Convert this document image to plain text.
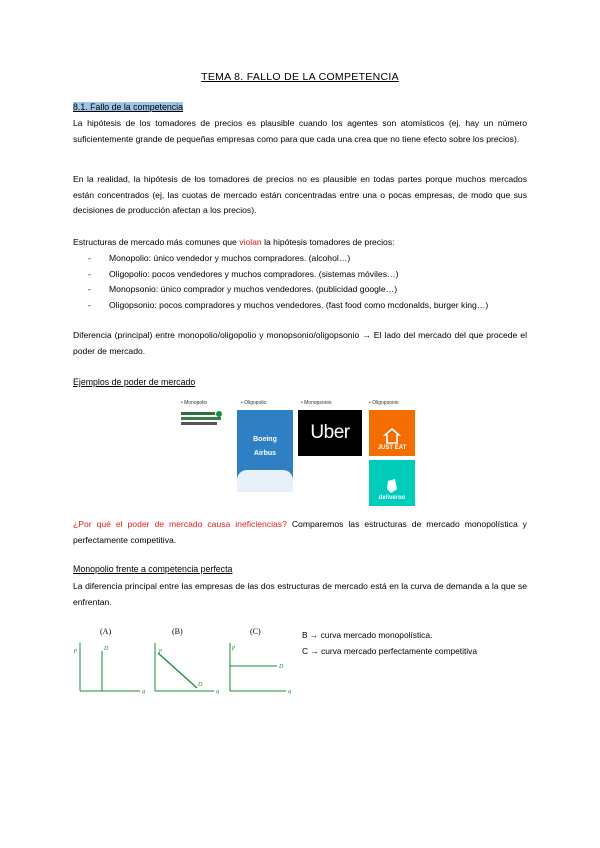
TEMA 8. FALLO DE LA COMPETENCIA
8.1. Fallo de la competencia
La hipótesis de los tomadores de precios es plausible cuando los agentes son atomísticos (ej. hay un número suficientemente grande de pequeñas empresas como para que cada una crea que no tiene efecto sobre los precios).
En la realidad, la hipótesis de los tomadores de precios no es plausible en todas partes porque muchos mercados están concentrados (ej. las cuotas de mercado están concentradas entre una o pocas empresas, de modo que sus decisiones de producción afectan a los precios).
Estructuras de mercado más comunes que violan la hipótesis tomadores de precios:
- Monopolio: único vendedor y muchos compradores. (alcohol…)
- Oligopolio: pocos vendedores y muchos compradores. (sistemas móviles…)
- Monopsonio: único comprador y muchos vendedores. (publicidad google…)
- Oligopsonio: pocos compradores y muchos vendedores. (fast food como mcdonalds, burger king…)
Diferencia (principal) entre monopolio/oligopolio y monopsonio/oligopsonio → El lado del mercado del que procede el poder de mercado.
Ejemplos de poder de mercado
• Monopolio	• Oligopolio	• Monopsonio	• Oligopsonio
Boeing
Airbus
Uber
JUST EAT
deliveroo
¿Por qué el poder de mercado causa ineficiencias? Comparemos las estructuras de mercado monopolística y perfectamente competitiva.
Monopolio frente a competencia perfecta
La diferencia principal entre las empresas de las dos estructuras de mercado está en la curva de demanda a la que se enfrentan.
(A)	(B)	(C)
p
q
D	p
q
D
p
q
D
B → curva mercado monopolística.
C → curva mercado perfectamente competitiva
